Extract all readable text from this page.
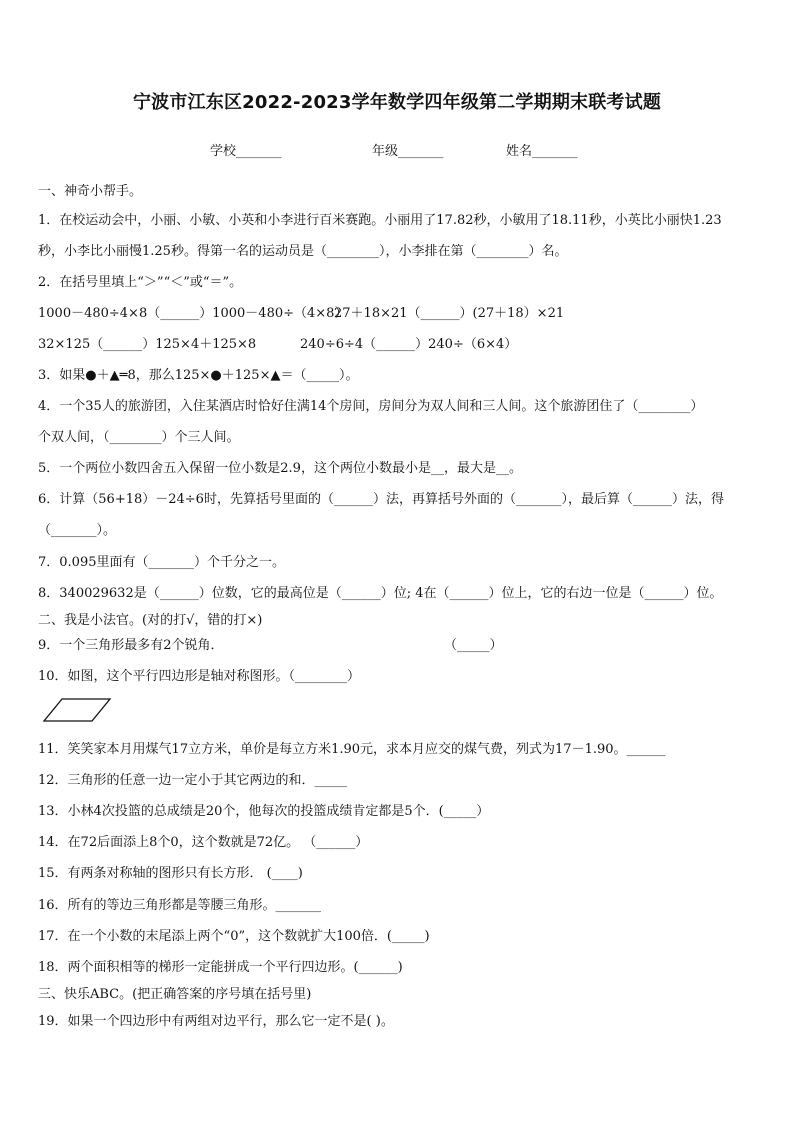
宁波市江东区2022-2023学年数学四年级第二学期期末联考试题
学校_______	年级_______	姓名_______
一、神奇小帮手。
1．在校运动会中，小丽、小敏、小英和小李进行百米赛跑。小丽用了17.82秒，小敏用了18.11秒，小英比小丽快1.23
秒，小李比小丽慢1.25秒。得第一名的运动员是（________），小李排在第（________）名。
2．在括号里填上“＞”“＜”或“＝”。
1000－480÷4×8（______）1000－480÷（4×8）
27＋18×21（______）(27＋18）×21
32×125（______）125×4＋125×8	240÷6÷4（______）240÷（6×4）
3．如果●＋▲═8，那么125×●＋125×▲＝（_____）。
4．一个35人的旅游团，入住某酒店时恰好住满14个房间，房间分为双人间和三人间。这个旅游团住了（________）
个双人间，（________）个三人间。
5．一个两位小数四舍五入保留一位小数是2.9，这个两位小数最小是__，最大是__。
6．计算（56+18）－24÷6时，先算括号里面的（______）法，再算括号外面的（_______），最后算（______）法，得
（_______）。
7．0.095里面有（_______）个千分之一。
8．340029632是（______）位数，它的最高位是（______）位; 4在（______）位上，它的右边一位是（______）位。
二、我是小法官。(对的打√，错的打×)
9．一个三角形最多有2个锐角．	（_____）
10．如图，这个平行四边形是轴对称图形。（________）
11．笑笑家本月用煤气17立方米，单价是每立方米1.90元，求本月应交的煤气费，列式为17－1.90。______
12．三角形的任意一边一定小于其它两边的和．_____
13．小林4次投篮的总成绩是20个，他每次的投篮成绩肯定都是5个．(_____）
14．在72后面添上8个0，这个数就是72亿。 （______）
15．有两条对称轴的图形只有长方形． (____)
16．所有的等边三角形都是等腰三角形。_______
17．在一个小数的末尾添上两个“0”，这个数就扩大100倍．(_____)
18．两个面积相等的梯形一定能拼成一个平行四边形。(______)
三、快乐ABC。(把正确答案的序号填在括号里)
19．如果一个四边形中有两组对边平行，那么它一定不是( )。
